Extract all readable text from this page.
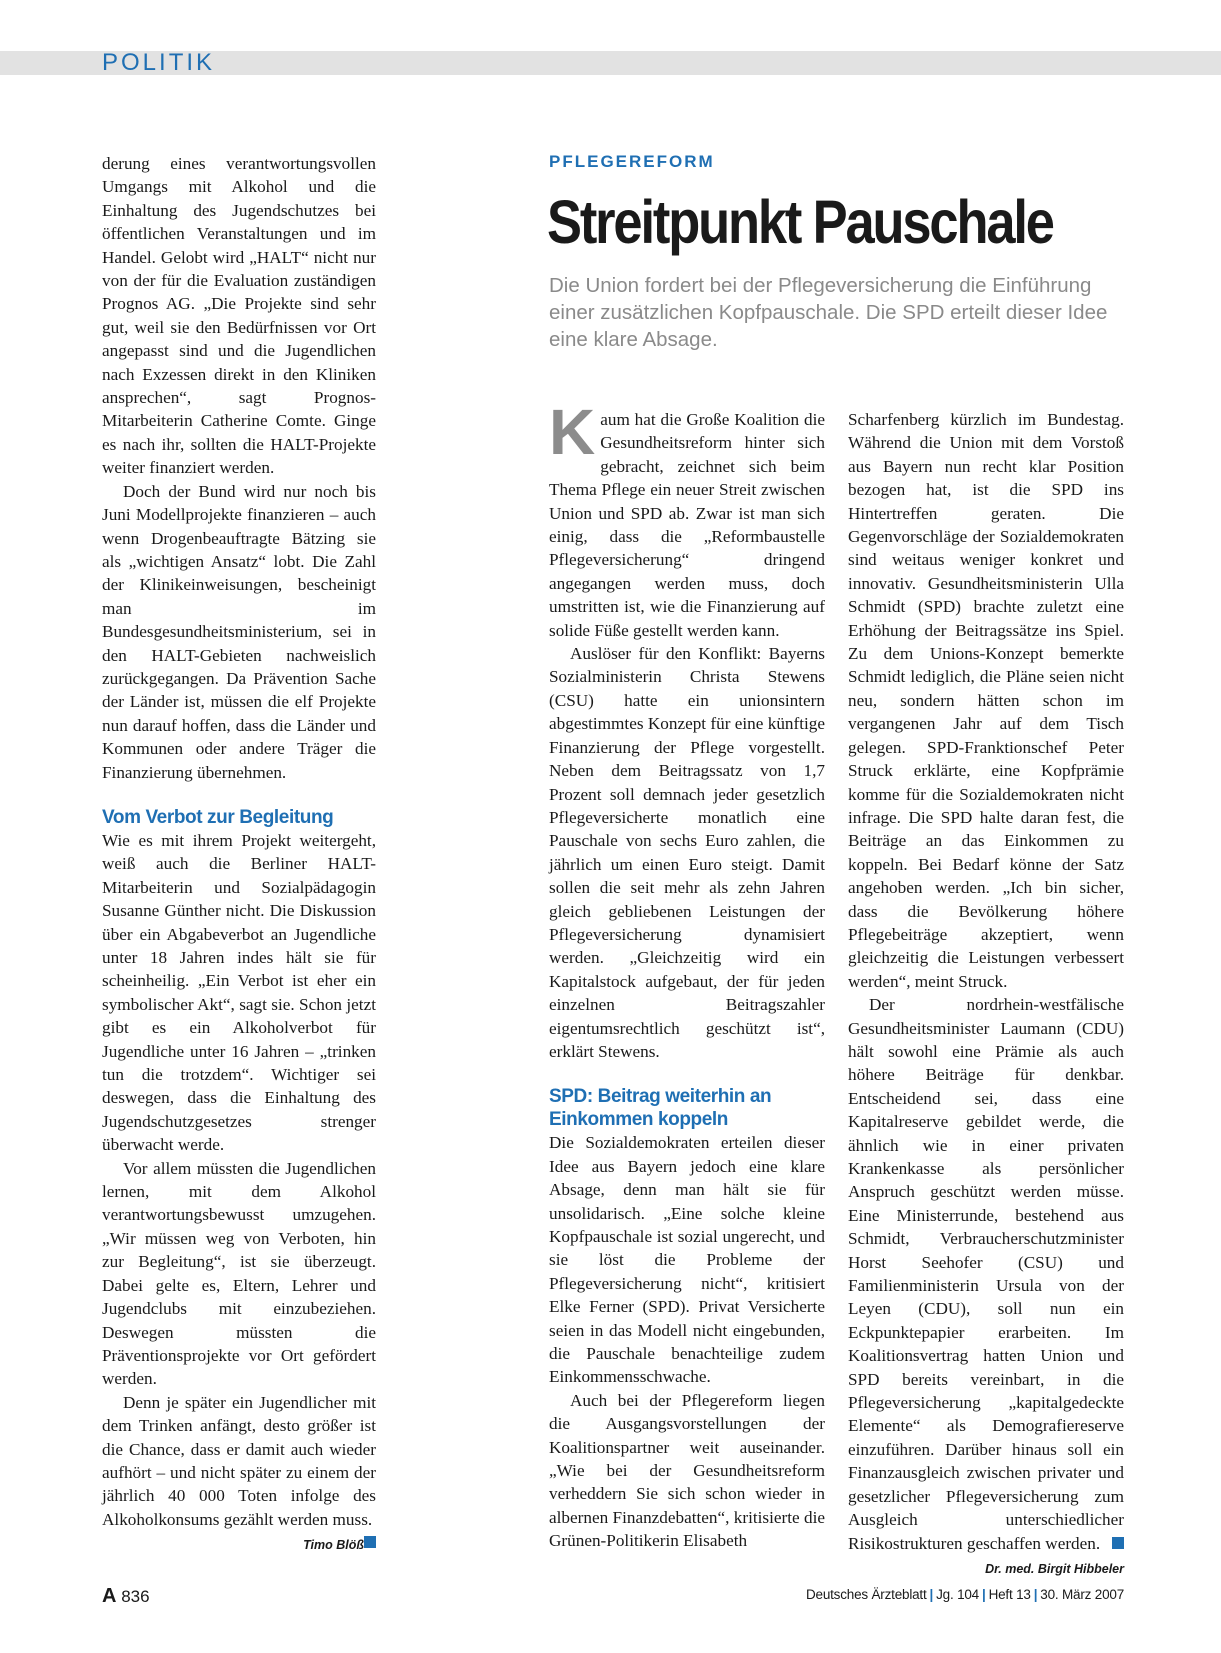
POLITIK

derung eines verantwortungsvollen Umgangs mit Alkohol und die Einhaltung des Jugendschutzes bei öffentlichen Veranstaltungen und im Handel. Gelobt wird „HALT“ nicht nur von der für die Evaluation zuständigen Prognos AG. „Die Projekte sind sehr gut, weil sie den Bedürfnissen vor Ort angepasst sind und die Jugendlichen nach Exzessen direkt in den Kliniken ansprechen“, sagt Prognos-Mitarbeiterin Catherine Comte. Ginge es nach ihr, sollten die HALT-Projekte weiter finanziert werden.

Doch der Bund wird nur noch bis Juni Modellprojekte finanzieren – auch wenn Drogenbeauftragte Bätzing sie als „wichtigen Ansatz“ lobt. Die Zahl der Klinikeinweisungen, bescheinigt man im Bundesgesundheitsministerium, sei in den HALT-Gebieten nachweislich zurückgegangen. Da Prävention Sache der Länder ist, müssen die elf Projekte nun darauf hoffen, dass die Länder und Kommunen oder andere Träger die Finanzierung übernehmen.

Vom Verbot zur Begleitung

Wie es mit ihrem Projekt weitergeht, weiß auch die Berliner HALT-Mitarbeiterin und Sozialpädagogin Susanne Günther nicht. Die Diskussion über ein Abgabeverbot an Jugendliche unter 18 Jahren indes hält sie für scheinheilig. „Ein Verbot ist eher ein symbolischer Akt“, sagt sie. Schon jetzt gibt es ein Alkoholverbot für Jugendliche unter 16 Jahren – „trinken tun die trotzdem“. Wichtiger sei deswegen, dass die Einhaltung des Jugendschutzgesetzes strenger überwacht werde.

Vor allem müssten die Jugendlichen lernen, mit dem Alkohol verantwortungsbewusst umzugehen. „Wir müssen weg von Verboten, hin zur Begleitung“, ist sie überzeugt. Dabei gelte es, Eltern, Lehrer und Jugendclubs mit einzubeziehen. Deswegen müssten die Präventionsprojekte vor Ort gefördert werden.

Denn je später ein Jugendlicher mit dem Trinken anfängt, desto größer ist die Chance, dass er damit auch wieder aufhört – und nicht später zu einem der jährlich 40 000 Toten infolge des Alkoholkonsums gezählt werden muss.

Timo Blöß
PFLEGEREFORM
Streitpunkt Pauschale
Die Union fordert bei der Pflegeversicherung die Einführung einer zusätzlichen Kopfpauschale. Die SPD erteilt dieser Idee eine klare Absage.

Kaum hat die Große Koalition die Gesundheitsreform hinter sich gebracht, zeichnet sich beim Thema Pflege ein neuer Streit zwischen Union und SPD ab. Zwar ist man sich einig, dass die „Reformbaustelle Pflegeversicherung“ dringend angegangen werden muss, doch umstritten ist, wie die Finanzierung auf solide Füße gestellt werden kann.

Auslöser für den Konflikt: Bayerns Sozialministerin Christa Stewens (CSU) hatte ein unionsintern abgestimmtes Konzept für eine künftige Finanzierung der Pflege vorgestellt. Neben dem Beitragssatz von 1,7 Prozent soll demnach jeder gesetzlich Pflegeversicherte monatlich eine Pauschale von sechs Euro zahlen, die jährlich um einen Euro steigt. Damit sollen die seit mehr als zehn Jahren gleich gebliebenen Leistungen der Pflegeversicherung dynamisiert werden. „Gleichzeitig wird ein Kapitalstock aufgebaut, der für jeden einzelnen Beitragszahler eigentumsrechtlich geschützt ist“, erklärt Stewens.

SPD: Beitrag weiterhin an Einkommen koppeln

Die Sozialdemokraten erteilen dieser Idee aus Bayern jedoch eine klare Absage, denn man hält sie für unsolidarisch. „Eine solche kleine Kopfpauschale ist sozial ungerecht, und sie löst die Probleme der Pflegeversicherung nicht“, kritisiert Elke Ferner (SPD). Privat Versicherte seien in das Modell nicht eingebunden, die Pauschale benachteilige zudem Einkommensschwache.

Auch bei der Pflegereform liegen die Ausgangsvorstellungen der Koalitionspartner weit auseinander. „Wie bei der Gesundheitsreform verheddern Sie sich schon wieder in albernen Finanzdebatten“, kritisierte die Grünen-Politikerin Elisabeth

Scharfenberg kürzlich im Bundestag. Während die Union mit dem Vorstoß aus Bayern nun recht klar Position bezogen hat, ist die SPD ins Hintertreffen geraten. Die Gegenvorschläge der Sozialdemokraten sind weitaus weniger konkret und innovativ. Gesundheitsministerin Ulla Schmidt (SPD) brachte zuletzt eine Erhöhung der Beitragssätze ins Spiel. Zu dem Unions-Konzept bemerkte Schmidt lediglich, die Pläne seien nicht neu, sondern hätten schon im vergangenen Jahr auf dem Tisch gelegen. SPD-Franktionschef Peter Struck erklärte, eine Kopfprämie komme für die Sozialdemokraten nicht infrage. Die SPD halte daran fest, die Beiträge an das Einkommen zu koppeln. Bei Bedarf könne der Satz angehoben werden. „Ich bin sicher, dass die Bevölkerung höhere Pflegebeiträge akzeptiert, wenn gleichzeitig die Leistungen verbessert werden“, meint Struck.

Der nordrhein-westfälische Gesundheitsminister Laumann (CDU) hält sowohl eine Prämie als auch höhere Beiträge für denkbar. Entscheidend sei, dass eine Kapitalreserve gebildet werde, die ähnlich wie in einer privaten Krankenkasse als persönlicher Anspruch geschützt werden müsse. Eine Ministerrunde, bestehend aus Schmidt, Verbraucherschutzminister Horst Seehofer (CSU) und Familienministerin Ursula von der Leyen (CDU), soll nun ein Eckpunktepapier erarbeiten. Im Koalitionsvertrag hatten Union und SPD bereits vereinbart, in die Pflegeversicherung „kapitalgedeckte Elemente“ als Demografiereserve einzuführen. Darüber hinaus soll ein Finanzausgleich zwischen privater und gesetzlicher Pflegeversicherung zum Ausgleich unterschiedlicher Risikostrukturen geschaffen werden.

Dr. med. Birgit Hibbeler
A 836	Deutsches Ärzteblatt | Jg. 104 | Heft 13 | 30. März 2007
